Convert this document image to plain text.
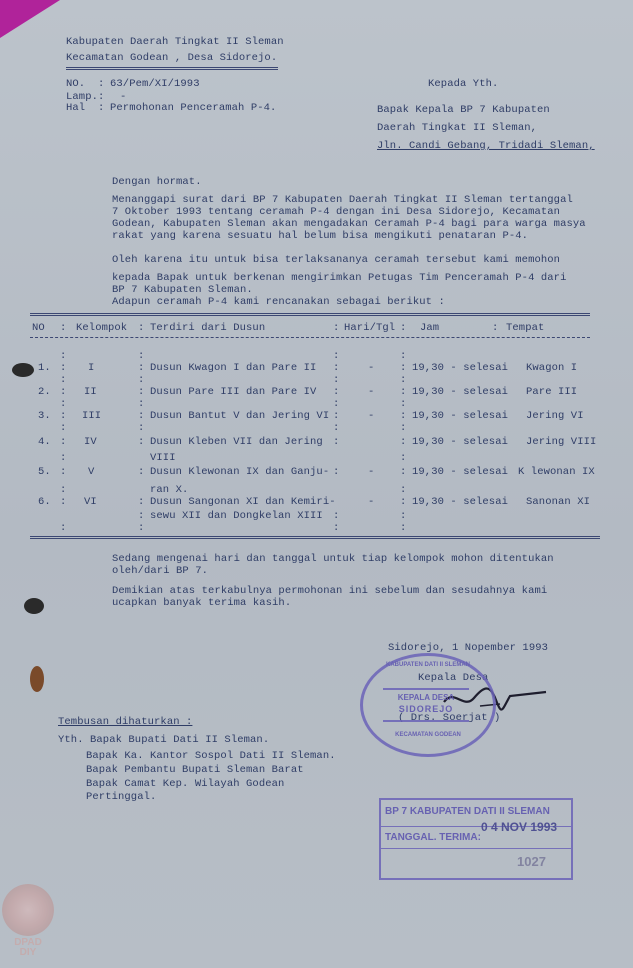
Kabupaten Daerah Tingkat II Sleman
Kecamatan Godean , Desa Sidorejo.
NO. : 63/Pem/XI/1993
Lamp. : -
Hal : Permohonan Penceramah P-4.
Kepada Yth.
Bapak Kepala BP 7 Kabupaten
Daerah Tingkat II Sleman,
Jln. Candi Gebang, Tridadi Sleman,
Dengan hormat.
Menanggapi surat dari BP 7 Kabupaten Daerah Tingkat II Sleman tertanggal
7 Oktober 1993 tentang ceramah P-4 dengan ini Desa Sidorejo, Kecamatan
Godean, Kabupaten Sleman akan mengadakan Ceramah P-4 bagi para warga masya
rakat yang karena sesuatu hal belum bisa mengikuti penataran P-4.
Oleh karena itu untuk bisa terlaksananya ceramah tersebut kami memohon
kepada Bapak untuk berkenan mengirimkan Petugas Tim Penceramah P-4 dari
BP 7 Kabupaten Sleman.
Adapun ceramah P-4 kami rencanakan sebagai berikut :
NO : Kelompok : Terdiri dari Dusun	: Hari/Tgl : Jam	: Tempat
:	:	:	:
1. : I	: Dusun Kwagon I dan Pare II :	- : 19,30 - selesai Kwagon I
:	:	:	:
2. : II	: Dusun Pare III dan Pare IV :	- : 19,30 - selesai Pare III
:	:	:	:
3. : III	: Dusun Bantut V dan Jering VI :	- : 19,30 - selesai Jering VI
:	:	:	:
4. : IV	: Dusun Kleben VII dan Jering :	: 19,30 - selesai Jering VIII
:	VIII	:
5. : V	: Dusun Klewonan IX dan Ganju- :	- : 19,30 - selesai K lewonan IX
:	ran X.	:
6. : VI	: Dusun Sangonan XI dan Kemiri-	- : 19,30 - selesai Sanonan XI
: sewu XII dan Dongkelan XIII :	:
:	:	:	:
Sedang mengenai hari dan tanggal untuk tiap kelompok mohon ditentukan
oleh/dari BP 7.
Demikian atas terkabulnya permohonan ini sebelum dan sesudahnya kami
ucapkan banyak terima kasih.
Sidorejo, 1 Nopember 1993
Kepala Desa
( Drs. Soerjat )
KEPALA DESA
SIDOREJO
KABUPATEN DATI II SLEMAN
KECAMATAN GODEAN
Tembusan dihaturkan :
Yth. Bapak Bupati Dati II Sleman.
Bapak Ka. Kantor Sospol Dati II Sleman.
Bapak Pembantu Bupati Sleman Barat
Bapak Camat Kep. Wilayah Godean
Pertinggal.
BP 7 KABUPATEN DATI II SLEMAN
TANGGAL. TERIMA:
0 4 NOV 1993
1027
DPAD
DIY
